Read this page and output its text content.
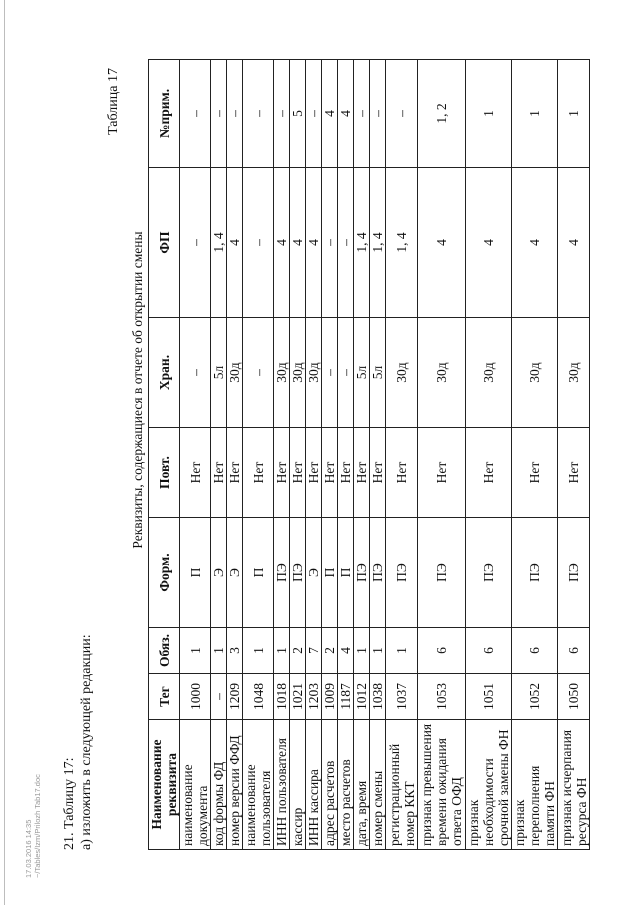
21. Таблицу 17: а) изложить в следующей редакции:
Таблица 17
Реквизиты, содержащиеся в отчете об открытии смены
Наименование реквизита	Тег	Обяз.	Форм.	Повт.	Хран.	ФП	№прим.
наименование документа	1000	1	П	Нет	–	–	–
код формы ФД	–	1	Э	Нет	5л	1, 4	–
номер версии ФФД	1209	3	Э	Нет	30д	4	–
наименование пользователя	1048	1	П	Нет	–	–	–
ИНН пользователя	1018	1	ПЭ	Нет	30д	4	–
кассир	1021	2	ПЭ	Нет	30д	4	5
ИНН кассира	1203	7	Э	Нет	30д	4	–
адрес расчетов	1009	2	П	Нет	–	–	4
место расчетов	1187	4	П	Нет	–	–	4
дата, время	1012	1	ПЭ	Нет	5л	1, 4	–
номер смены	1038	1	ПЭ	Нет	5л	1, 4	–
регистрационный номер ККТ	1037	1	ПЭ	Нет	30д	1, 4	–
признак превышения времени ожидания ответа ОФД	1053	6	ПЭ	Нет	30д	4	1, 2
признак необходимости срочной замены ФН	1051	6	ПЭ	Нет	30д	4	1
признак переполнения памяти ФН	1052	6	ПЭ	Нет	30д	4	1
признак исчерпания ресурса ФН	1050	6	ПЭ	Нет	30д	4	1
17.03.2016 14:35 ~/Tables/Izm/Prilozh Tab17.doc
